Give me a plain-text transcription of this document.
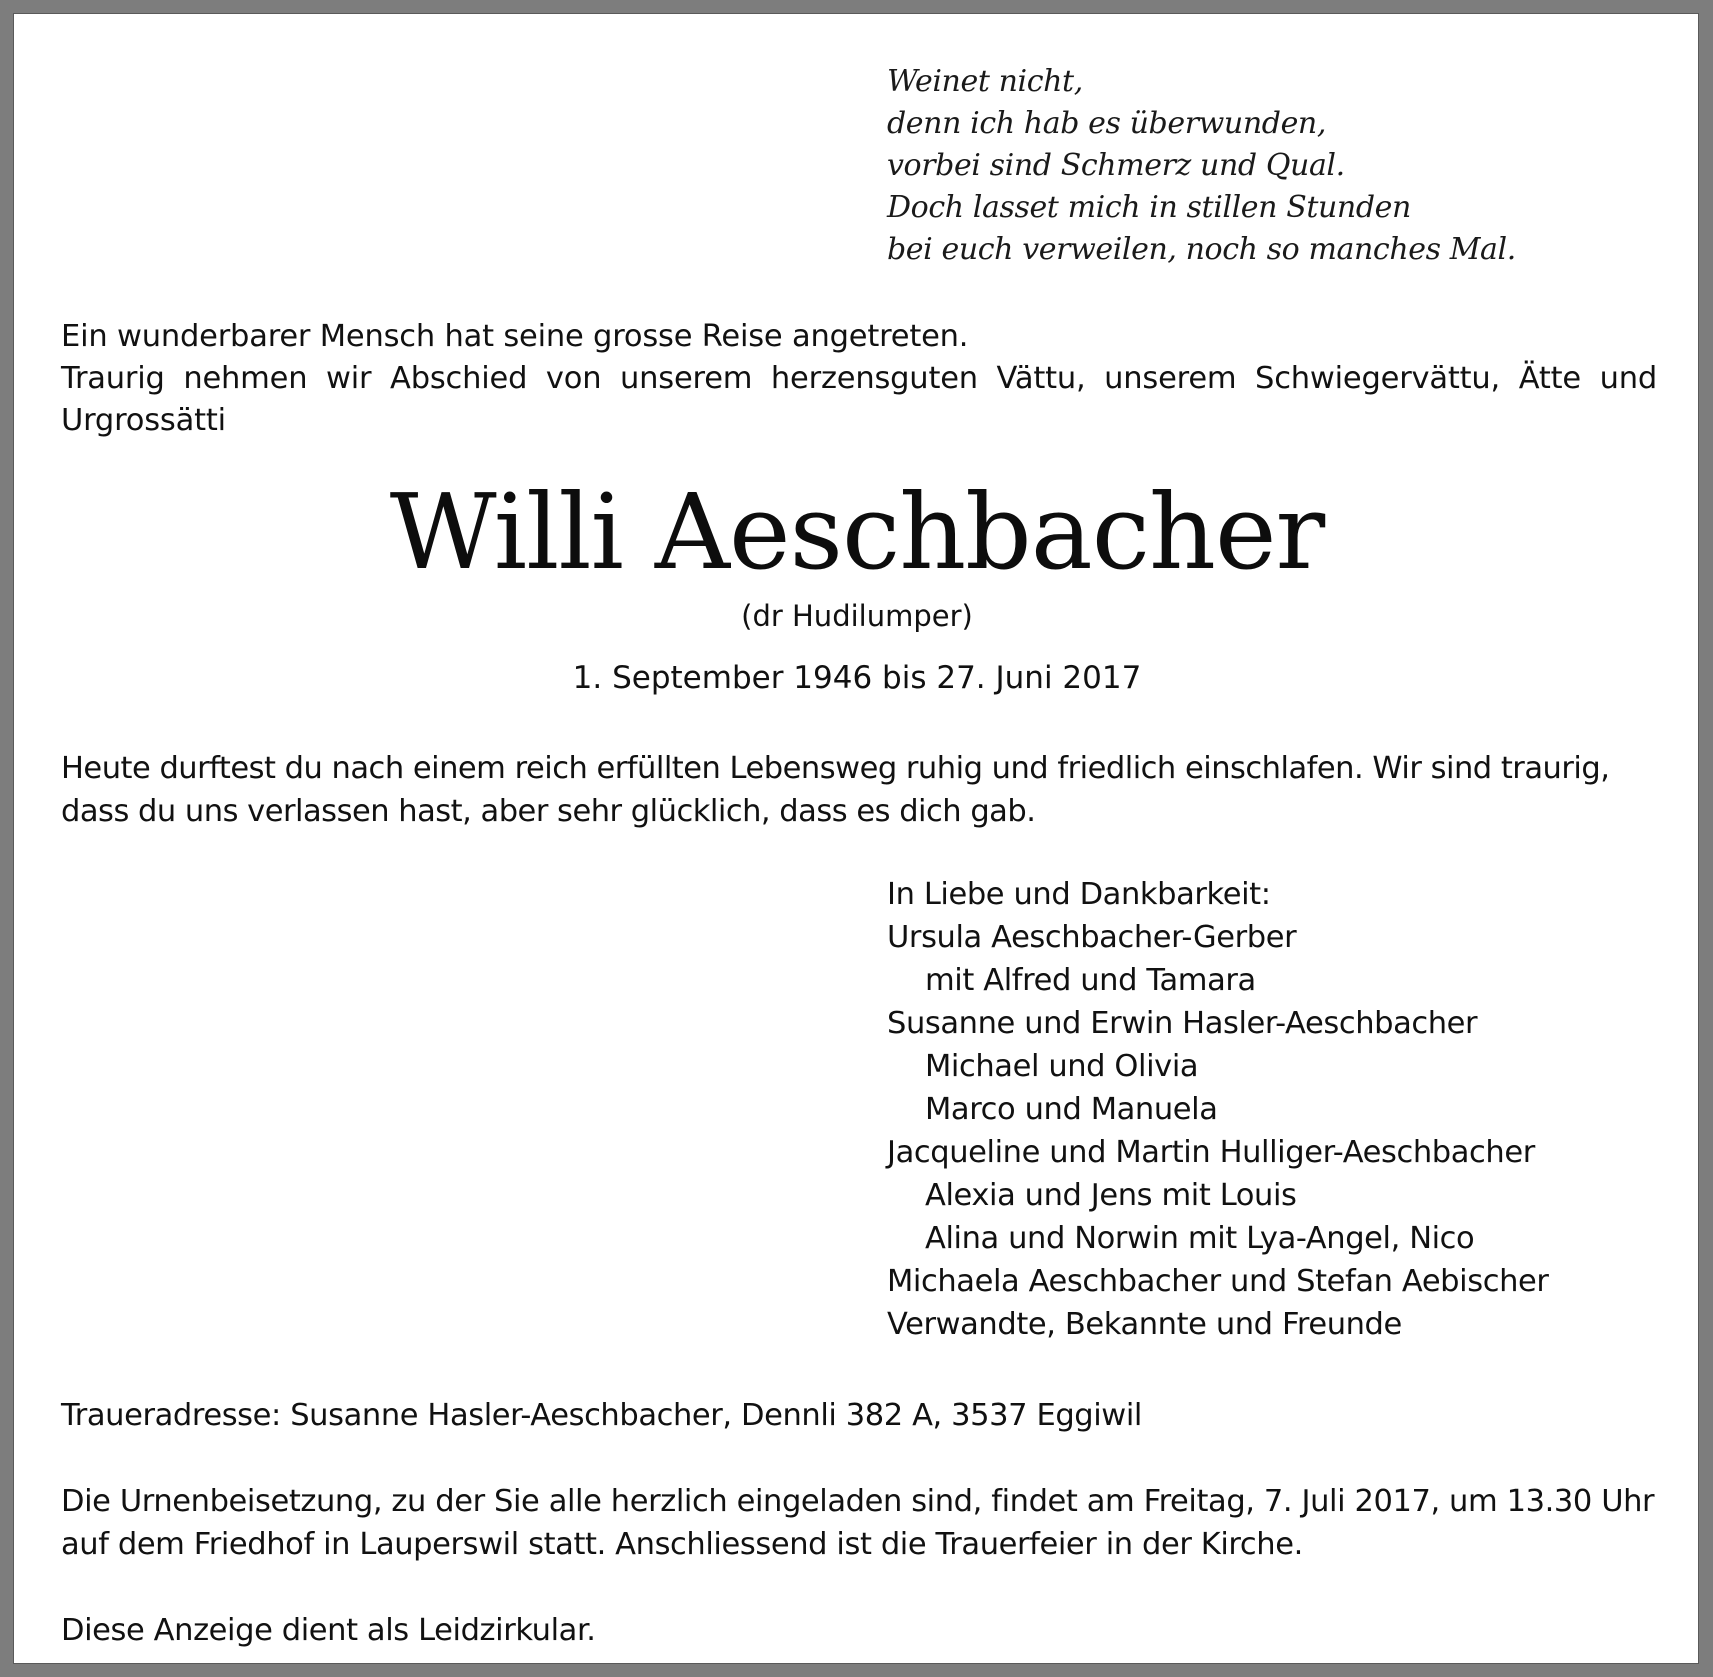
Weinet nicht,
denn ich hab es überwunden,
vorbei sind Schmerz und Qual.
Doch lasset mich in stillen Stunden
bei euch verweilen, noch so manches Mal.
Ein wunderbarer Mensch hat seine grosse Reise angetreten.
Traurig nehmen wir Abschied von unserem herzensguten Vättu, unserem Schwiegervättu, Ätte und Urgrossätti
Willi Aeschbacher
(dr Hudilumper)
1. September 1946 bis 27. Juni 2017
Heute durftest du nach einem reich erfüllten Lebensweg ruhig und friedlich einschlafen. Wir sind traurig, dass du uns verlassen hast, aber sehr glücklich, dass es dich gab.
In Liebe und Dankbarkeit:
Ursula Aeschbacher-Gerber
mit Alfred und Tamara
Susanne und Erwin Hasler-Aeschbacher
Michael und Olivia
Marco und Manuela
Jacqueline und Martin Hulliger-Aeschbacher
Alexia und Jens mit Louis
Alina und Norwin mit Lya-Angel, Nico
Michaela Aeschbacher und Stefan Aebischer
Verwandte, Bekannte und Freunde
Traueradresse: Susanne Hasler-Aeschbacher, Dennli 382 A, 3537 Eggiwil
Die Urnenbeisetzung, zu der Sie alle herzlich eingeladen sind, findet am Freitag, 7. Juli 2017, um 13.30 Uhr
auf dem Friedhof in Lauperswil statt. Anschliessend ist die Trauerfeier in der Kirche.
Diese Anzeige dient als Leidzirkular.
